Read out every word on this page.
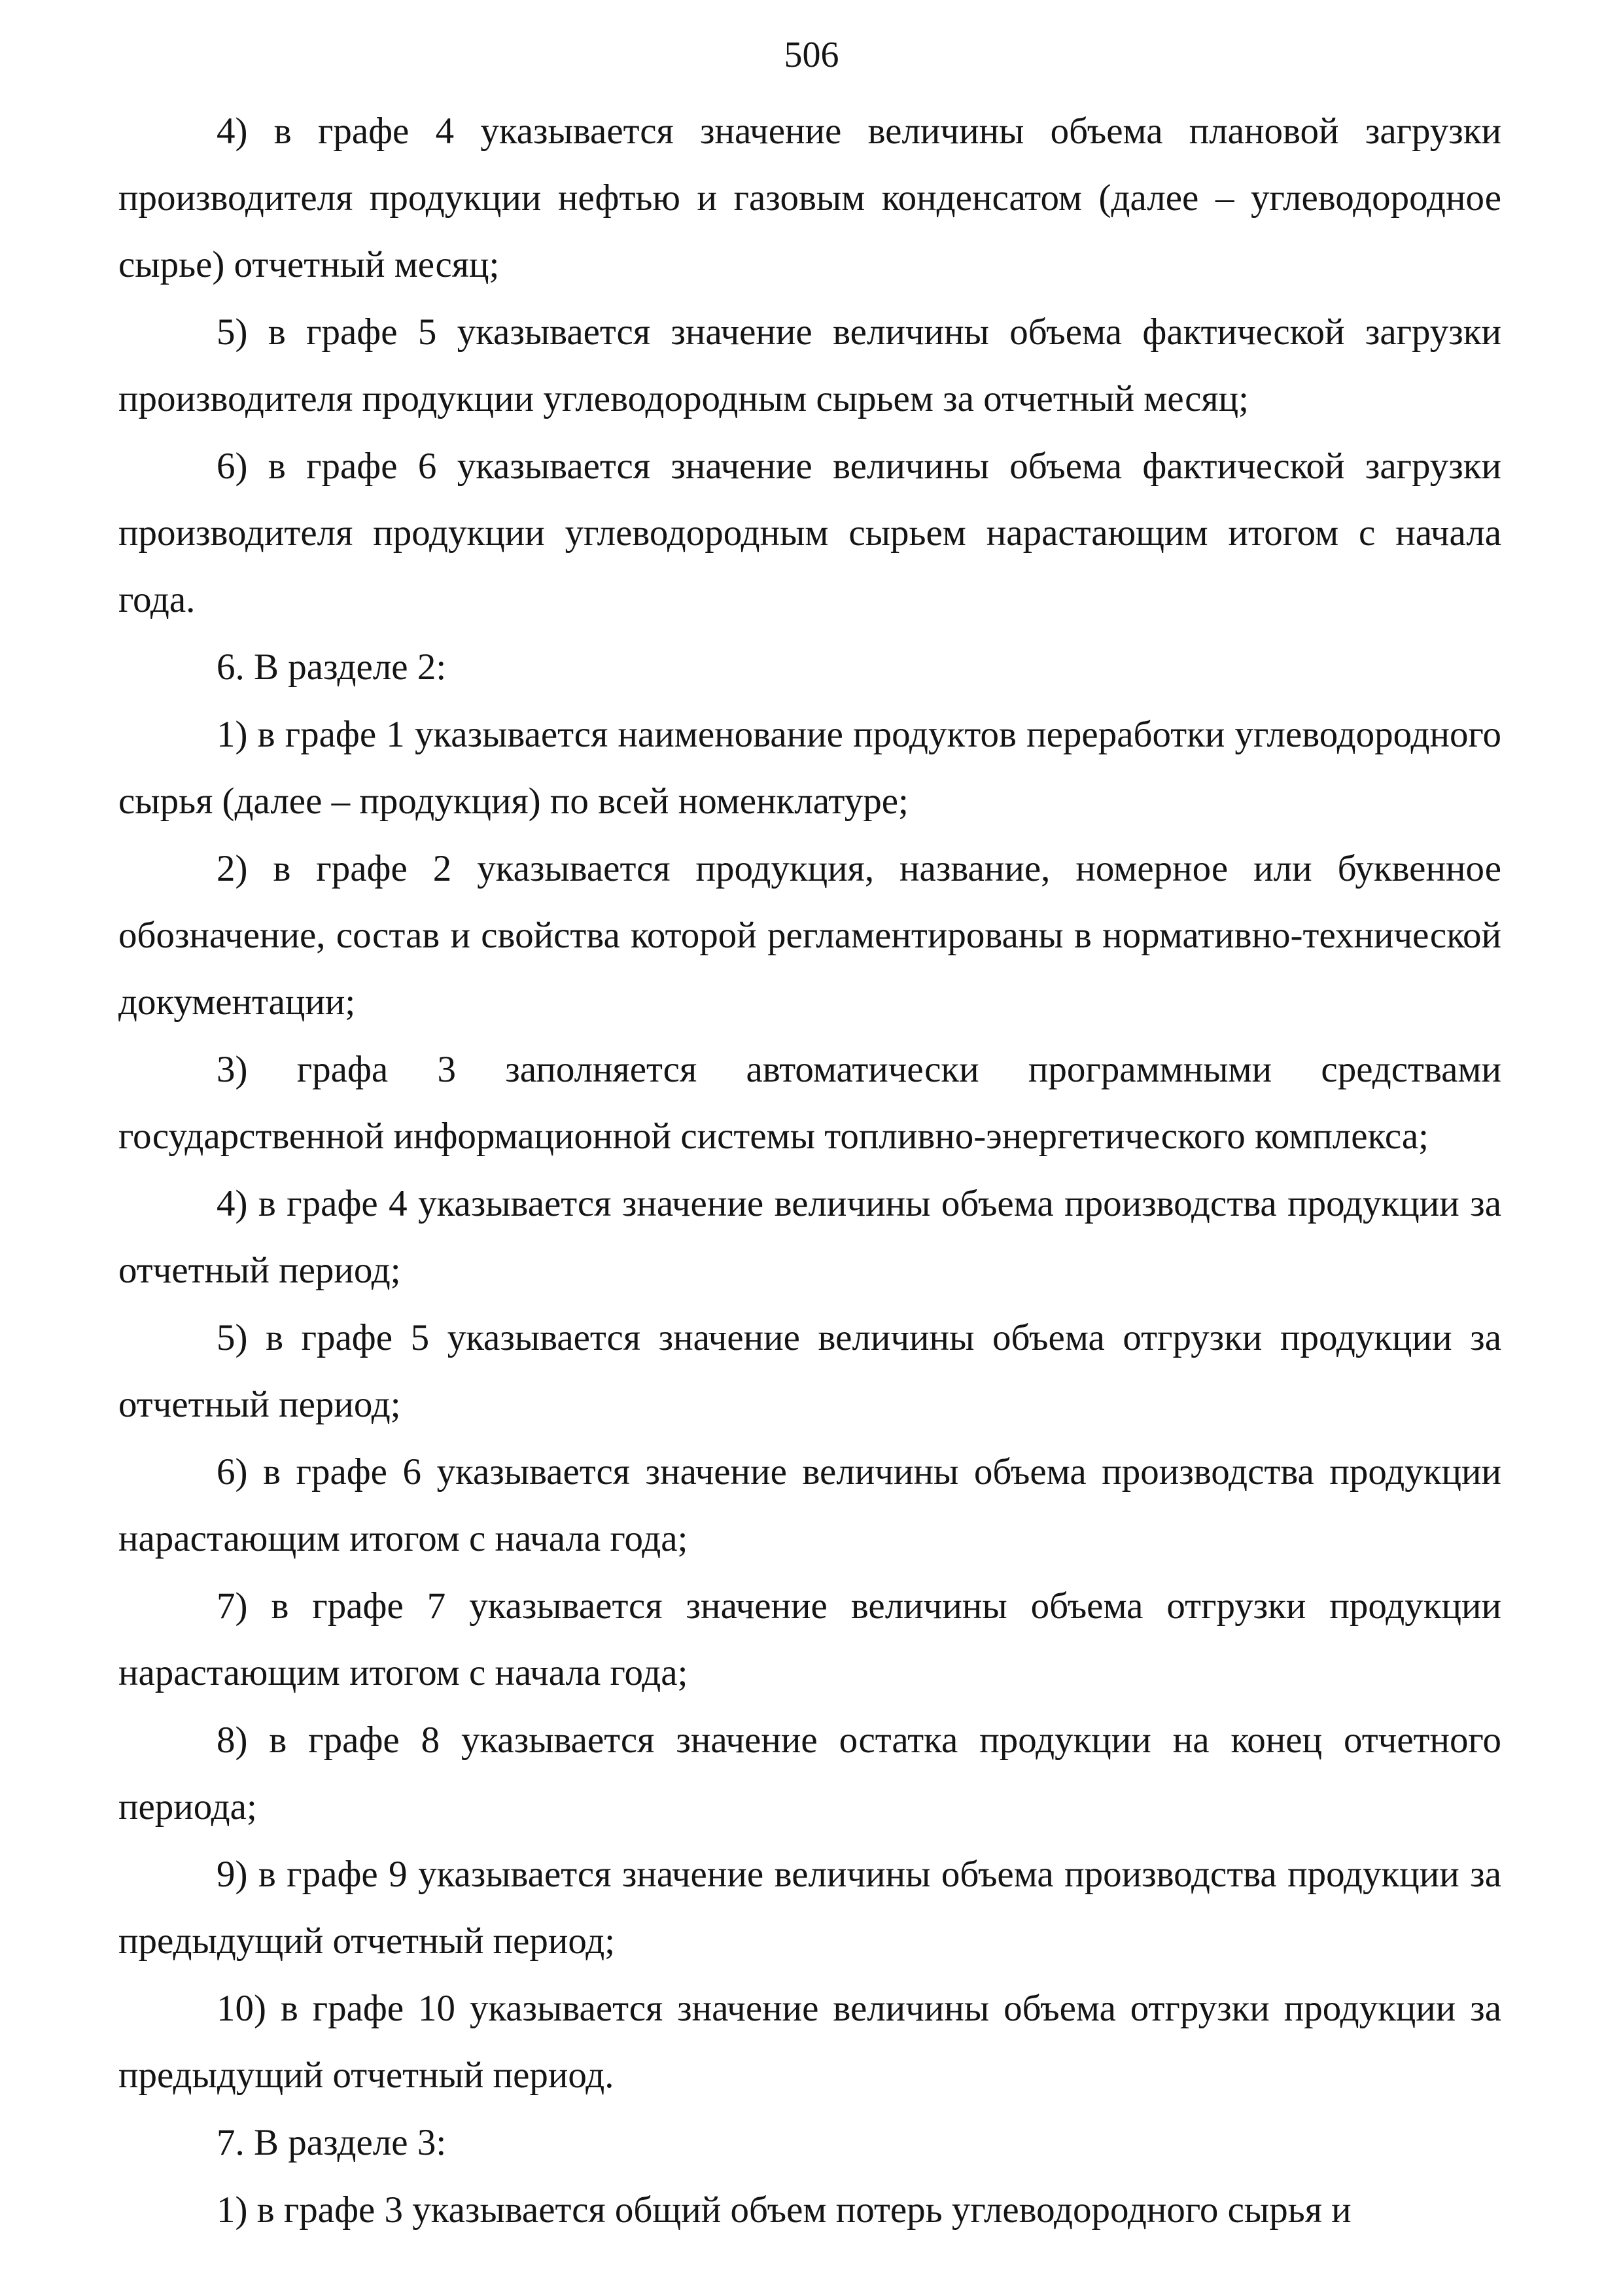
506

4) в графе 4 указывается значение величины объема плановой загрузки производителя продукции нефтью и газовым конденсатом (далее – углеводородное сырье) отчетный месяц;

5) в графе 5 указывается значение величины объема фактической загрузки производителя продукции углеводородным сырьем за отчетный месяц;

6) в графе 6 указывается значение величины объема фактической загрузки производителя продукции углеводородным сырьем нарастающим итогом с начала года.

6. В разделе 2:

1) в графе 1 указывается наименование продуктов переработки углеводородного сырья (далее – продукция) по всей номенклатуре;

2) в графе 2 указывается продукция, название, номерное или буквенное обозначение, состав и свойства которой регламентированы в нормативно-технической документации;

3) графа 3 заполняется автоматически программными средствами государственной информационной системы топливно-энергетического комплекса;

4) в графе 4 указывается значение величины объема производства продукции за отчетный период;

5) в графе 5 указывается значение величины объема отгрузки продукции за отчетный период;

6) в графе 6 указывается значение величины объема производства продукции нарастающим итогом с начала года;

7) в графе 7 указывается значение величины объема отгрузки продукции нарастающим итогом с начала года;

8) в графе 8 указывается значение остатка продукции на конец отчетного периода;

9) в графе 9 указывается значение величины объема производства продукции за предыдущий отчетный период;

10) в графе 10 указывается значение величины объема отгрузки продукции за предыдущий отчетный период.

7. В разделе 3:

1) в графе 3 указывается общий объем потерь углеводородного сырья и
